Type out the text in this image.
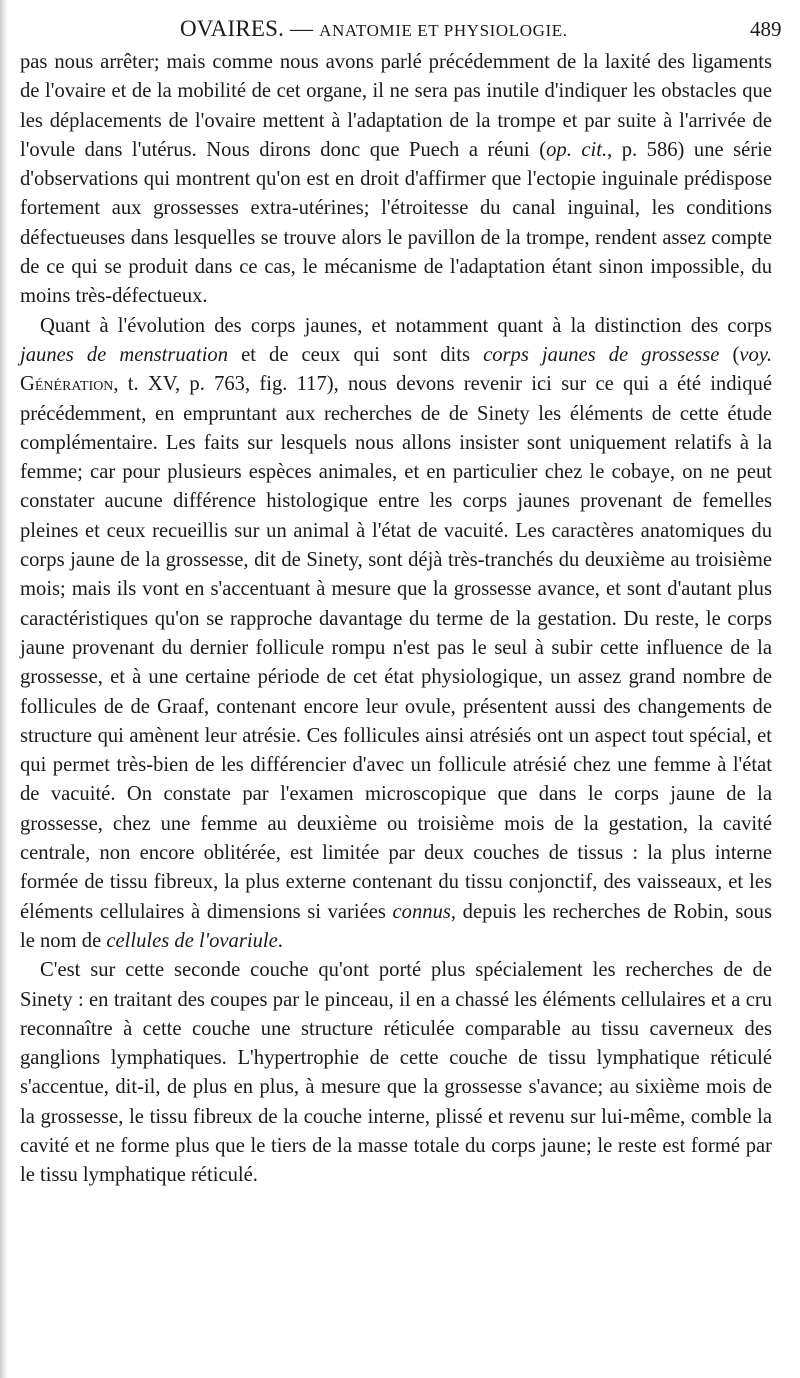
OVAIRES. — ANATOMIE ET PHYSIOLOGIE.	489

pas nous arrêter; mais comme nous avons parlé précédemment de la laxité des ligaments de l'ovaire et de la mobilité de cet organe, il ne sera pas inutile d'indiquer les obstacles que les déplacements de l'ovaire mettent à l'adaptation de la trompe et par suite à l'arrivée de l'ovule dans l'utérus. Nous dirons donc que Puech a réuni (op. cit., p. 586) une série d'observations qui montrent qu'on est en droit d'affirmer que l'ectopie inguinale prédispose fortement aux grossesses extra-utérines; l'étroitesse du canal inguinal, les conditions défectueuses dans lesquelles se trouve alors le pavillon de la trompe, rendent assez compte de ce qui se produit dans ce cas, le mécanisme de l'adaptation étant sinon impossible, du moins très-défectueux.

Quant à l'évolution des corps jaunes, et notamment quant à la distinction des corps jaunes de menstruation et de ceux qui sont dits corps jaunes de grossesse (voy. Génération, t. XV, p. 763, fig. 117), nous devons revenir ici sur ce qui a été indiqué précédemment, en empruntant aux recherches de de Sinety les éléments de cette étude complémentaire. Les faits sur lesquels nous allons insister sont uniquement relatifs à la femme; car pour plusieurs espèces animales, et en particulier chez le cobaye, on ne peut constater aucune différence histologique entre les corps jaunes provenant de femelles pleines et ceux recueillis sur un animal à l'état de vacuité. Les caractères anatomiques du corps jaune de la grossesse, dit de Sinety, sont déjà très-tranchés du deuxième au troisième mois; mais ils vont en s'accentuant à mesure que la grossesse avance, et sont d'autant plus caractéristiques qu'on se rapproche davantage du terme de la gestation. Du reste, le corps jaune provenant du dernier follicule rompu n'est pas le seul à subir cette influence de la grossesse, et à une certaine période de cet état physiologique, un assez grand nombre de follicules de de Graaf, contenant encore leur ovule, présentent aussi des changements de structure qui amènent leur atrésie. Ces follicules ainsi atrésiés ont un aspect tout spécial, et qui permet très-bien de les différencier d'avec un follicule atrésié chez une femme à l'état de vacuité. On constate par l'examen microscopique que dans le corps jaune de la grossesse, chez une femme au deuxième ou troisième mois de la gestation, la cavité centrale, non encore oblitérée, est limitée par deux couches de tissus : la plus interne formée de tissu fibreux, la plus externe contenant du tissu conjonctif, des vaisseaux, et les éléments cellulaires à dimensions si variées connus, depuis les recherches de Robin, sous le nom de cellules de l'ovariule.

C'est sur cette seconde couche qu'ont porté plus spécialement les recherches de de Sinety : en traitant des coupes par le pinceau, il en a chassé les éléments cellulaires et a cru reconnaître à cette couche une structure réticulée comparable au tissu caverneux des ganglions lymphatiques. L'hypertrophie de cette couche de tissu lymphatique réticulé s'accentue, dit-il, de plus en plus, à mesure que la grossesse s'avance; au sixième mois de la grossesse, le tissu fibreux de la couche interne, plissé et revenu sur lui-même, comble la cavité et ne forme plus que le tiers de la masse totale du corps jaune; le reste est formé par le tissu lymphatique réticulé.
